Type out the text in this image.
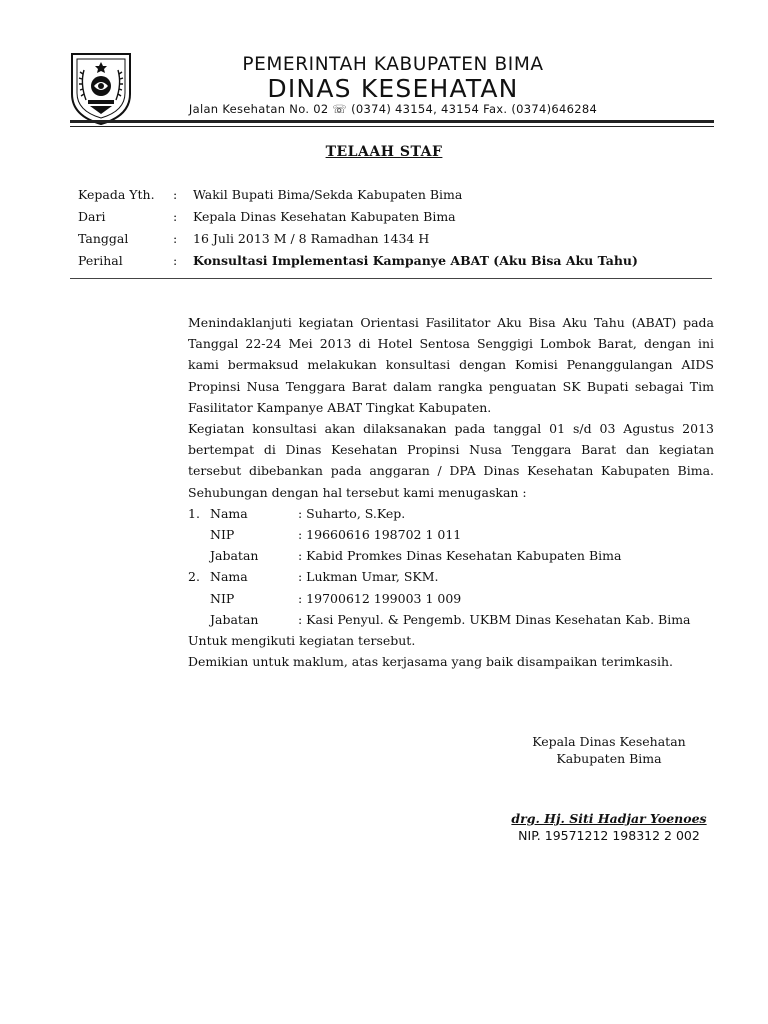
PEMERINTAH KABUPATEN BIMA
DINAS KESEHATAN
Jalan Kesehatan No. 02 ☏ (0374) 43154, 43154 Fax. (0374)646284
TELAAH STAF
Kepada Yth.	:	Wakil Bupati Bima/Sekda Kabupaten Bima
Dari	:	Kepala Dinas Kesehatan Kabupaten Bima
Tanggal	:	16 Juli 2013 M / 8 Ramadhan 1434 H
Perihal	:	Konsultasi Implementasi Kampanye ABAT (Aku Bisa Aku Tahu)
Menindaklanjuti kegiatan Orientasi Fasilitator Aku Bisa Aku Tahu (ABAT) pada Tanggal 22-24 Mei 2013 di Hotel Sentosa Senggigi Lombok Barat, dengan ini kami bermaksud melakukan konsultasi dengan Komisi Penanggulangan AIDS Propinsi Nusa Tenggara Barat dalam rangka penguatan SK Bupati sebagai Tim Fasilitator Kampanye ABAT Tingkat Kabupaten.
Kegiatan konsultasi akan dilaksanakan pada tanggal 01 s/d 03 Agustus 2013 bertempat di Dinas Kesehatan Propinsi Nusa Tenggara Barat dan kegiatan tersebut dibebankan pada anggaran / DPA Dinas Kesehatan Kabupaten Bima. Sehubungan dengan hal tersebut kami menugaskan :
1. Nama	: Suharto, S.Kep.
NIP	: 19660616 198702 1 011
Jabatan	: Kabid Promkes Dinas Kesehatan Kabupaten Bima
2. Nama	: Lukman Umar, SKM.
NIP	: 19700612 199003 1 009
Jabatan	: Kasi Penyul. & Pengemb. UKBM Dinas Kesehatan Kab. Bima
Untuk mengikuti kegiatan tersebut.
Demikian untuk maklum, atas kerjasama yang baik disampaikan terimkasih.
Kepala Dinas Kesehatan
Kabupaten Bima
drg. Hj. Siti Hadjar Yoenoes
NIP. 19571212 198312 2 002
